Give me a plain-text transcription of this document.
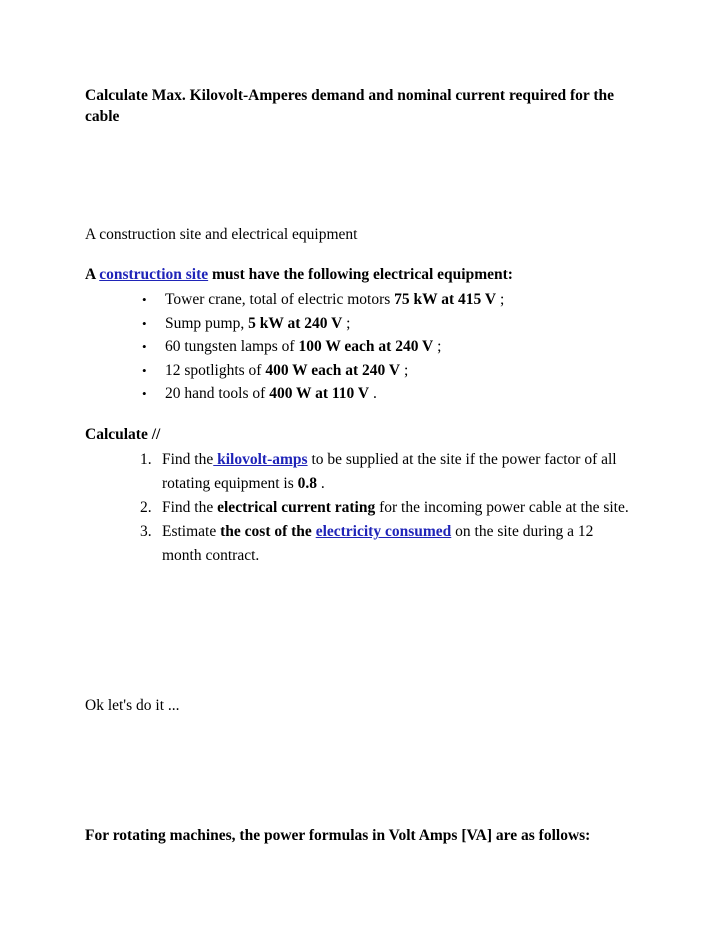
Calculate Max. Kilovolt-Amperes demand and nominal current required for the cable
A construction site and electrical equipment
A construction site must have the following electrical equipment:
• Tower crane, total of electric motors 75 kW at 415 V ;
• Sump pump, 5 kW at 240 V ;
• 60 tungsten lamps of 100 W each at 240 V ;
• 12 spotlights of 400 W each at 240 V ;
• 20 hand tools of 400 W at 110 V .
Calculate //
1. Find the kilovolt-amps to be supplied at the site if the power factor of all rotating equipment is 0.8 .
2. Find the electrical current rating for the incoming power cable at the site.
3. Estimate the cost of the electricity consumed on the site during a 12 month contract.
Ok let's do it ...
For rotating machines, the power formulas in Volt Amps [VA] are as follows:
